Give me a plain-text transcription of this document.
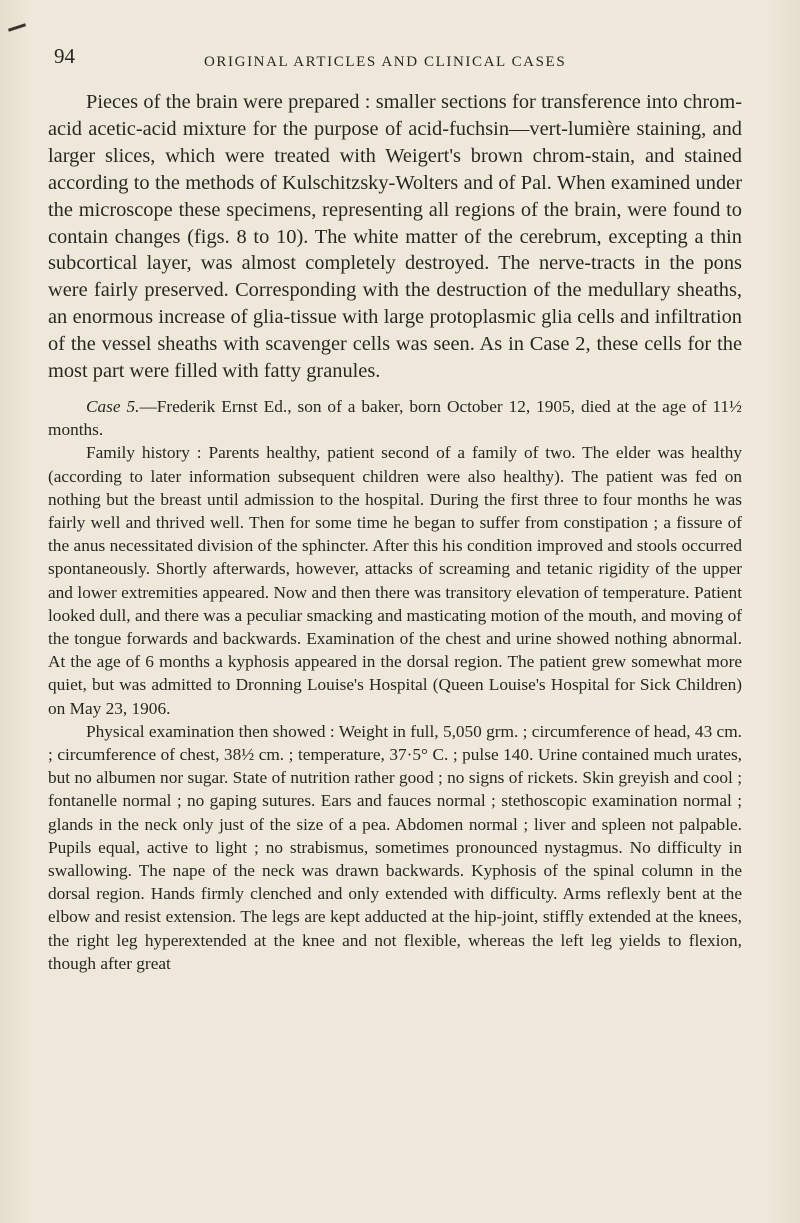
94	ORIGINAL ARTICLES AND CLINICAL CASES

Pieces of the brain were prepared : smaller sections for transference into chrom-acid acetic-acid mixture for the purpose of acid-fuchsin—vert-lumière staining, and larger slices, which were treated with Weigert's brown chrom-stain, and stained according to the methods of Kulschitzsky-Wolters and of Pal. When examined under the microscope these specimens, representing all regions of the brain, were found to contain changes (figs. 8 to 10). The white matter of the cerebrum, excepting a thin subcortical layer, was almost completely destroyed. The nerve-tracts in the pons were fairly preserved. Corresponding with the destruction of the medullary sheaths, an enormous increase of glia-tissue with large protoplasmic glia cells and infiltration of the vessel sheaths with scavenger cells was seen. As in Case 2, these cells for the most part were filled with fatty granules.

Case 5.—Frederik Ernst Ed., son of a baker, born October 12, 1905, died at the age of 11½ months.

Family history : Parents healthy, patient second of a family of two. The elder was healthy (according to later information subsequent children were also healthy). The patient was fed on nothing but the breast until admission to the hospital. During the first three to four months he was fairly well and thrived well. Then for some time he began to suffer from constipation ; a fissure of the anus necessitated division of the sphincter. After this his condition improved and stools occurred spontaneously. Shortly afterwards, however, attacks of screaming and tetanic rigidity of the upper and lower extremities appeared. Now and then there was transitory elevation of temperature. Patient looked dull, and there was a peculiar smacking and masticating motion of the mouth, and moving of the tongue forwards and backwards. Examination of the chest and urine showed nothing abnormal. At the age of 6 months a kyphosis appeared in the dorsal region. The patient grew somewhat more quiet, but was admitted to Dronning Louise's Hospital (Queen Louise's Hospital for Sick Children) on May 23, 1906.

Physical examination then showed : Weight in full, 5,050 grm. ; circumference of head, 43 cm. ; circumference of chest, 38½ cm. ; temperature, 37·5° C. ; pulse 140. Urine contained much urates, but no albumen nor sugar. State of nutrition rather good ; no signs of rickets. Skin greyish and cool ; fontanelle normal ; no gaping sutures. Ears and fauces normal ; stethoscopic examination normal ; glands in the neck only just of the size of a pea. Abdomen normal ; liver and spleen not palpable. Pupils equal, active to light ; no strabismus, sometimes pronounced nystagmus. No difficulty in swallowing. The nape of the neck was drawn backwards. Kyphosis of the spinal column in the dorsal region. Hands firmly clenched and only extended with difficulty. Arms reflexly bent at the elbow and resist extension. The legs are kept adducted at the hip-joint, stiffly extended at the knees, the right leg hyperextended at the knee and not flexible, whereas the left leg yields to flexion, though after great
